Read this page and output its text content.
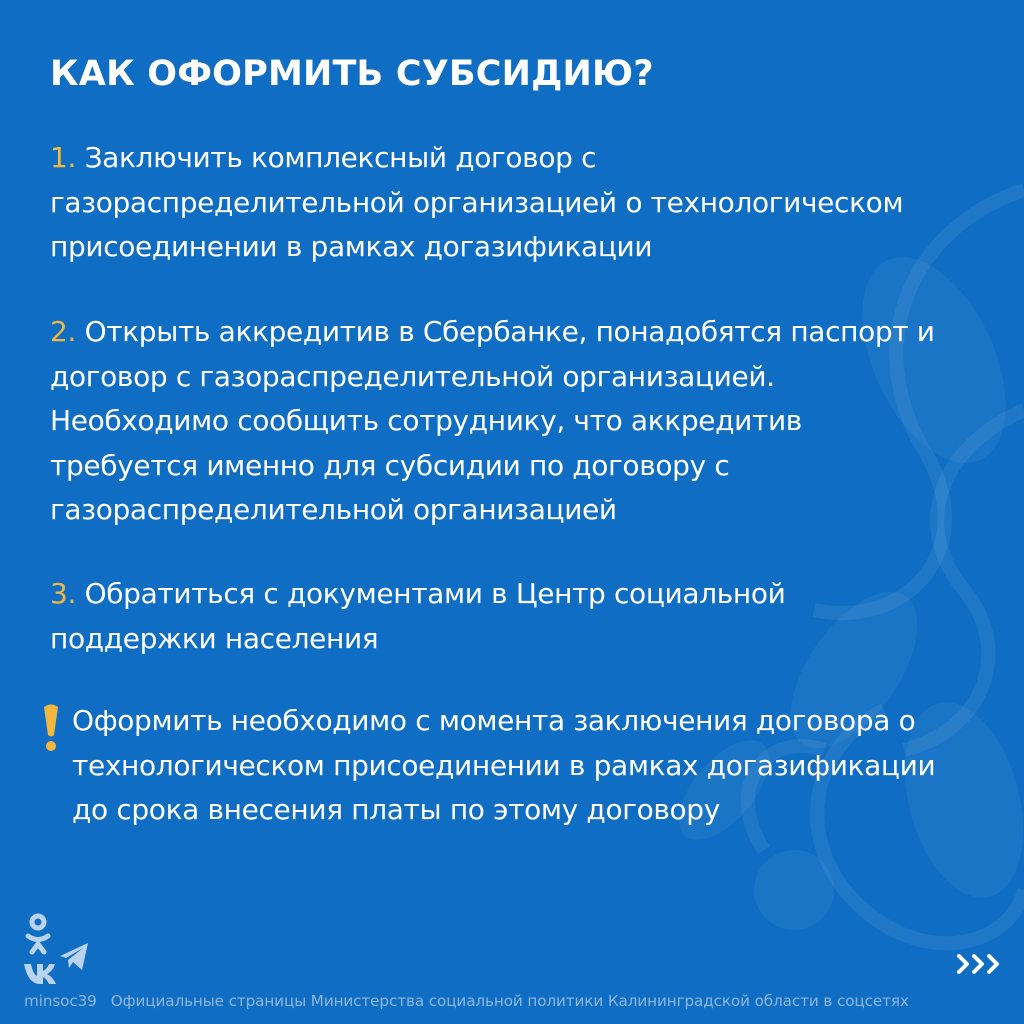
КАК ОФОРМИТЬ СУБСИДИЮ?

1. Заключить комплексный договор с
газораспределительной организацией о технологическом
присоединении в рамках догазификации

2. Открыть аккредитив в Сбербанке, понадобятся паспорт и
договор с газораспределительной организацией.
Необходимо сообщить сотруднику, что аккредитив
требуется именно для субсидии по договору с
газораспределительной организацией

3. Обратиться с документами в Центр социальной
поддержки населения

Оформить необходимо с момента заключения договора о
технологическом присоединении в рамках догазификации
до срока внесения платы по этому договору

minsoc39 Официальные страницы Министерства социальной политики Калининградской области в соцсетях
